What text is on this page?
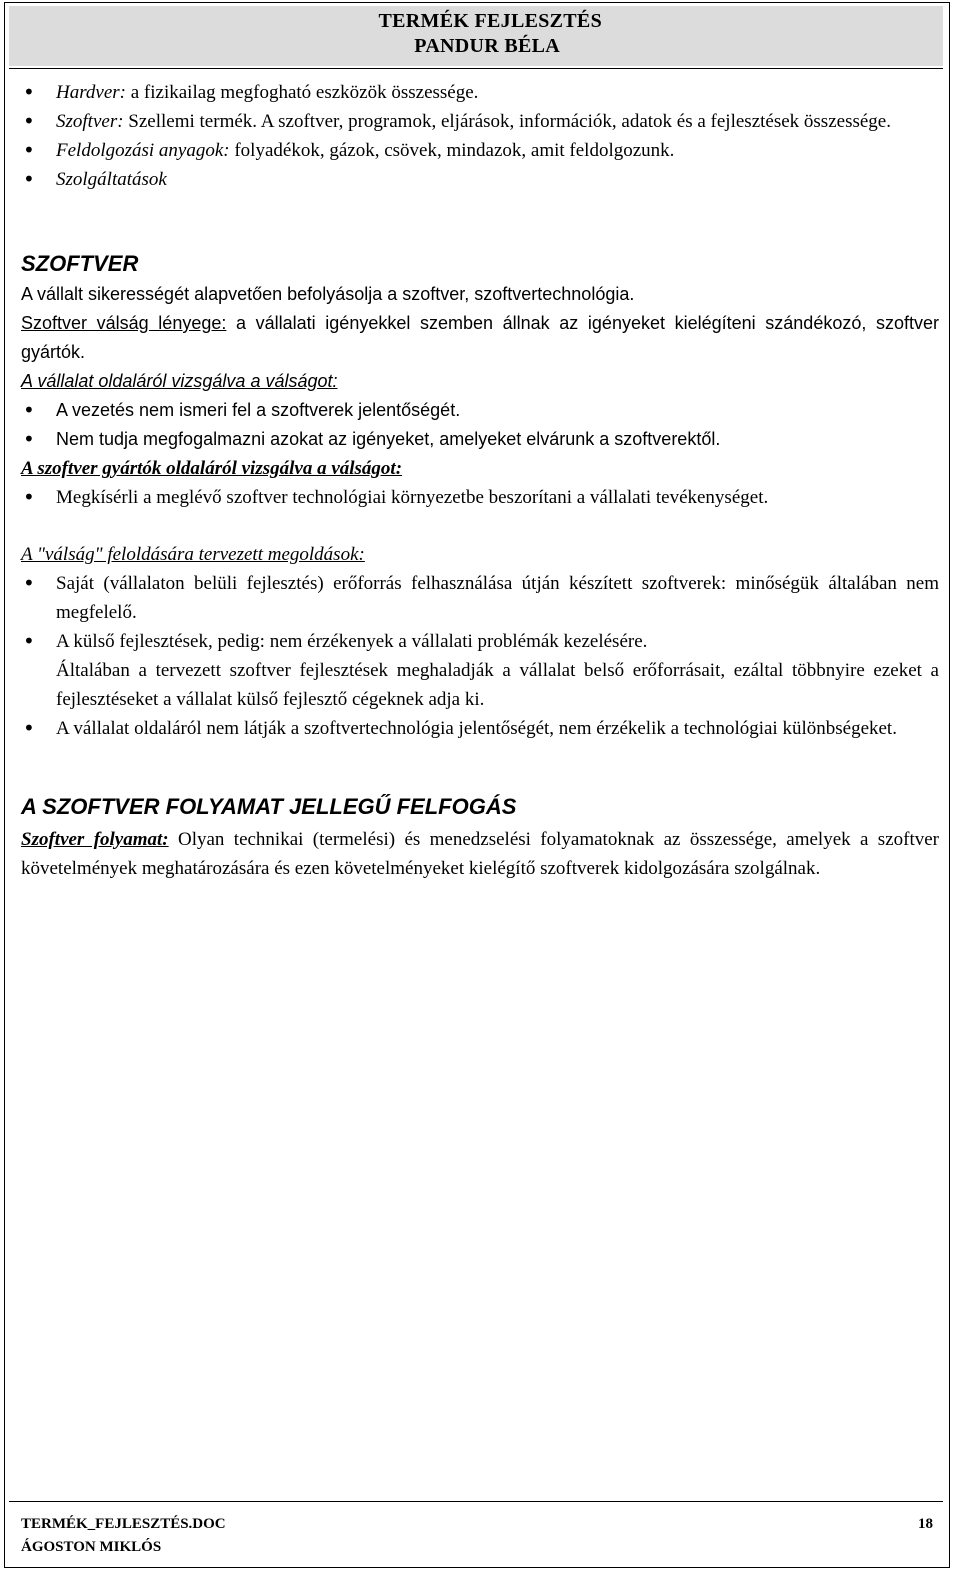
TERMÉK FEJLESZTÉS
PANDUR BÉLA
• Hardver: a fizikailag megfogható eszközök összessége.
• Szoftver: Szellemi termék. A szoftver, programok, eljárások, információk, adatok és a fejlesztések összessége.
• Feldolgozási anyagok: folyadékok, gázok, csövek, mindazok, amit feldolgozunk.
• Szolgáltatások

SZOFTVER

A vállalt sikerességét alapvetően befolyásolja a szoftver, szoftvertechnológia.

Szoftver válság lényege: a vállalati igényekkel szemben állnak az igényeket kielégíteni szándékozó, szoftver gyártók.

A vállalat oldaláról vizsgálva a válságot:

• A vezetés nem ismeri fel a szoftverek jelentőségét.
• Nem tudja megfogalmazni azokat az igényeket, amelyeket elvárunk a szoftverektől.

A szoftver gyártók oldaláról vizsgálva a válságot:

• Megkísérli a meglévő szoftver technológiai környezetbe beszorítani a vállalati tevékenységet.

A "válság" feloldására tervezett megoldások:

• Saját (vállalaton belüli fejlesztés) erőforrás felhasználása útján készített szoftverek: minőségük általában nem megfelelő.
• A külső fejlesztések, pedig: nem érzékenyek a vállalati problémák kezelésére.
Általában a tervezett szoftver fejlesztések meghaladják a vállalat belső erőforrásait, ezáltal többnyire ezeket a fejlesztéseket a vállalat külső fejlesztő cégeknek adja ki.
• A vállalat oldaláról nem látják a szoftvertechnológia jelentőségét, nem érzékelik a technológiai különbségeket.

A SZOFTVER FOLYAMAT JELLEGŰ FELFOGÁS

Szoftver folyamat: Olyan technikai (termelési) és menedzselési folyamatoknak az összessége, amelyek a szoftver követelmények meghatározására és ezen követelményeket kielégítő szoftverek kidolgozására szolgálnak.

TERMÉK_FEJLESZTÉS.DOC
ÁGOSTON MIKLÓS
18
